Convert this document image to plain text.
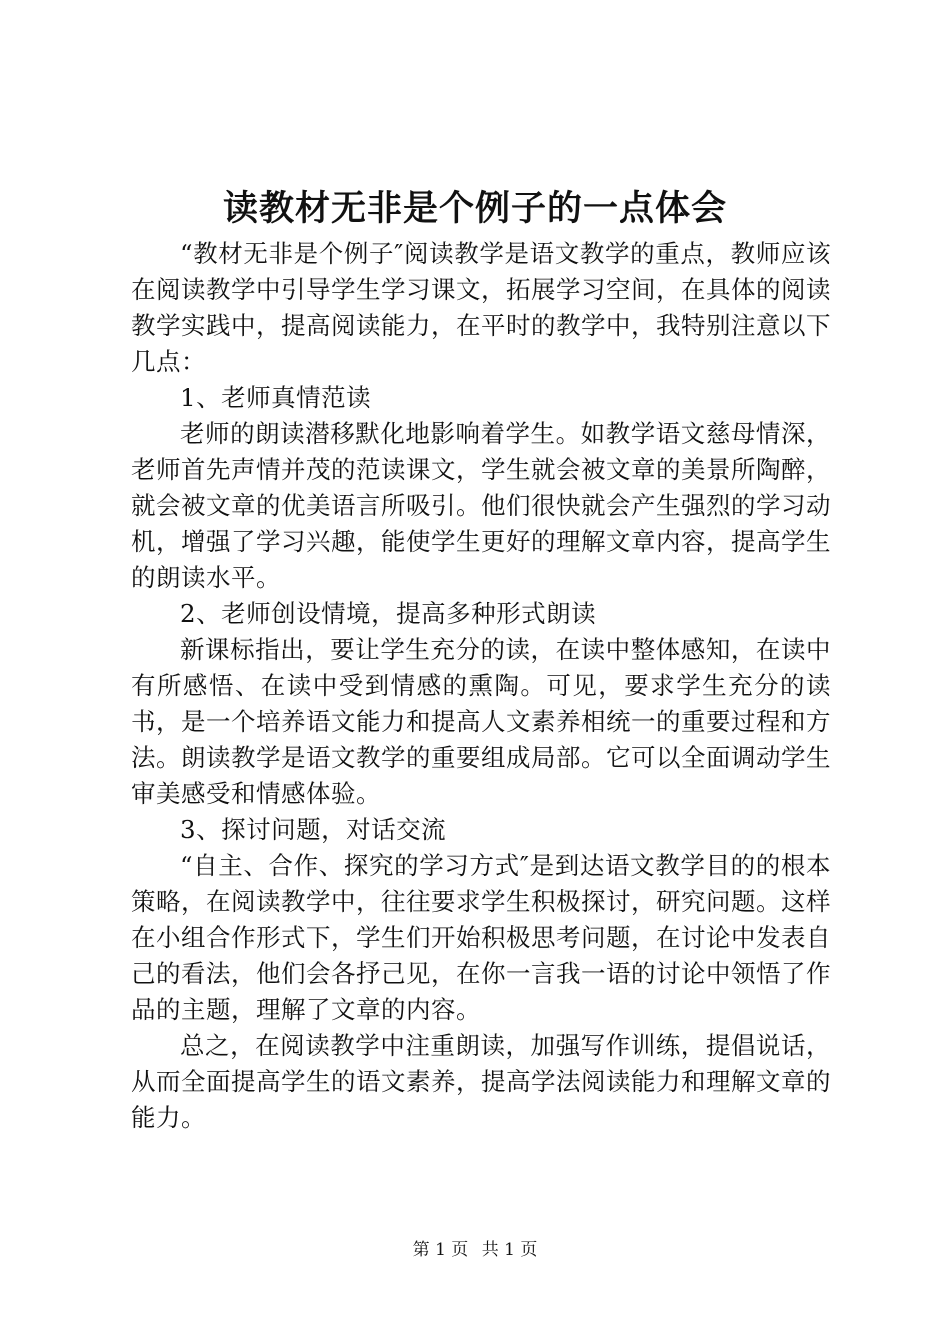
读教材无非是个例子的一点体会

“教材无非是个例子″阅读教学是语文教学的重点，教师应该在阅读教学中引导学生学习课文，拓展学习空间，在具体的阅读教学实践中，提高阅读能力，在平时的教学中，我特别注意以下几点：

1、老师真情范读

老师的朗读潜移默化地影响着学生。如教学语文慈母情深，老师首先声情并茂的范读课文，学生就会被文章的美景所陶醉，就会被文章的优美语言所吸引。他们很快就会产生强烈的学习动机，增强了学习兴趣，能使学生更好的理解文章内容，提高学生的朗读水平。

2、老师创设情境，提高多种形式朗读

新课标指出，要让学生充分的读，在读中整体感知，在读中有所感悟、在读中受到情感的熏陶。可见，要求学生充分的读书，是一个培养语文能力和提高人文素养相统一的重要过程和方法。朗读教学是语文教学的重要组成局部。它可以全面调动学生审美感受和情感体验。

3、探讨问题，对话交流

“自主、合作、探究的学习方式″是到达语文教学目的的根本策略，在阅读教学中，往往要求学生积极探讨，研究问题。这样在小组合作形式下，学生们开始积极思考问题，在讨论中发表自己的看法，他们会各抒己见，在你一言我一语的讨论中领悟了作品的主题，理解了文章的内容。

总之，在阅读教学中注重朗读，加强写作训练，提倡说话，从而全面提高学生的语文素养，提高学法阅读能力和理解文章的能力。

第 1 页 共 1 页
